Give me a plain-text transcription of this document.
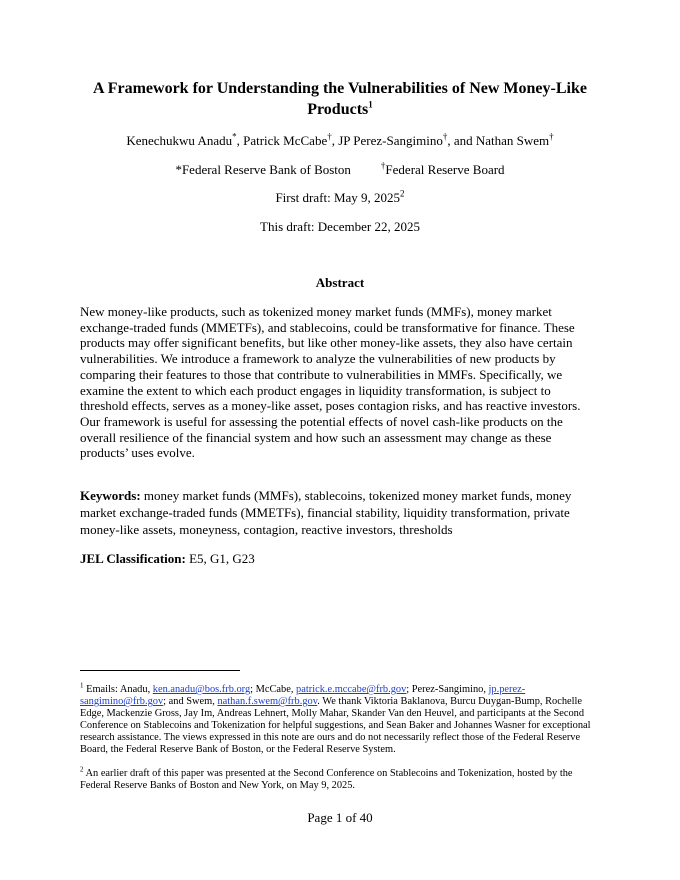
A Framework for Understanding the Vulnerabilities of New Money-Like Products$^1$
Kenechukwu Anadu*, Patrick McCabe†, JP Perez-Sangimino†, and Nathan Swem†
*Federal Reserve Bank of Boston	†Federal Reserve Board
First draft: May 9, 2025$^2$
This draft: December 22, 2025
Abstract
New money-like products, such as tokenized money market funds (MMFs), money market exchange-traded funds (MMETFs), and stablecoins, could be transformative for finance. These products may offer significant benefits, but like other money-like assets, they also have certain vulnerabilities. We introduce a framework to analyze the vulnerabilities of new products by comparing their features to those that contribute to vulnerabilities in MMFs. Specifically, we examine the extent to which each product engages in liquidity transformation, is subject to threshold effects, serves as a money-like asset, poses contagion risks, and has reactive investors. Our framework is useful for assessing the potential effects of novel cash-like products on the overall resilience of the financial system and how such an assessment may change as these products’ uses evolve.
Keywords: money market funds (MMFs), stablecoins, tokenized money market funds, money market exchange-traded funds (MMETFs), financial stability, liquidity transformation, private money-like assets, moneyness, contagion, reactive investors, thresholds
JEL Classification: E5, G1, G23
$^1$ Emails: Anadu, ken.anadu@bos.frb.org; McCabe, patrick.e.mccabe@frb.gov; Perez-Sangimino, jp.perez-sangimino@frb.gov; and Swem, nathan.f.swem@frb.gov. We thank Viktoria Baklanova, Burcu Duygan-Bump, Rochelle Edge, Mackenzie Gross, Jay Im, Andreas Lehnert, Molly Mahar, Skander Van den Heuvel, and participants at the Second Conference on Stablecoins and Tokenization for helpful suggestions, and Sean Baker and Johannes Wasner for exceptional research assistance. The views expressed in this note are ours and do not necessarily reflect those of the Federal Reserve Board, the Federal Reserve Bank of Boston, or the Federal Reserve System.
$^2$ An earlier draft of this paper was presented at the Second Conference on Stablecoins and Tokenization, hosted by the Federal Reserve Banks of Boston and New York, on May 9, 2025.
Page 1 of 40
